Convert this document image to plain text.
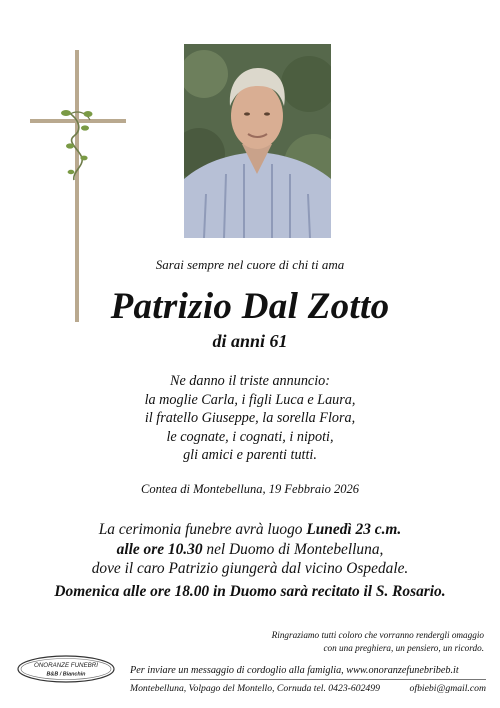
Sarai sempre nel cuore di chi ti ama
Patrizio Dal Zotto
di anni 61
Ne danno il triste annuncio:
la moglie Carla, i figli Luca e Laura,
il fratello Giuseppe, la sorella Flora,
le cognate, i cognati, i nipoti,
gli amici e parenti tutti.
Contea di Montebelluna, 19 Febbraio 2026
La cerimonia funebre avrà luogo Lunedì 23 c.m.
alle ore 10.30 nel Duomo di Montebelluna,
dove il caro Patrizio giungerà dal vicino Ospedale.
Domenica alle ore 18.00 in Duomo sarà recitato il S. Rosario.
Ringraziamo tutti coloro che vorranno rendergli omaggio
con una preghiera, un pensiero, un ricordo.
ONORANZE FUNEBRI
B&B / Bianchin	Per inviare un messaggio di cordoglio alla famiglia, www.onoranzefunebribeb.it
Montebelluna, Volpago del Montello, Cornuda tel. 0423-602499	ofbiebi@gmail.com
